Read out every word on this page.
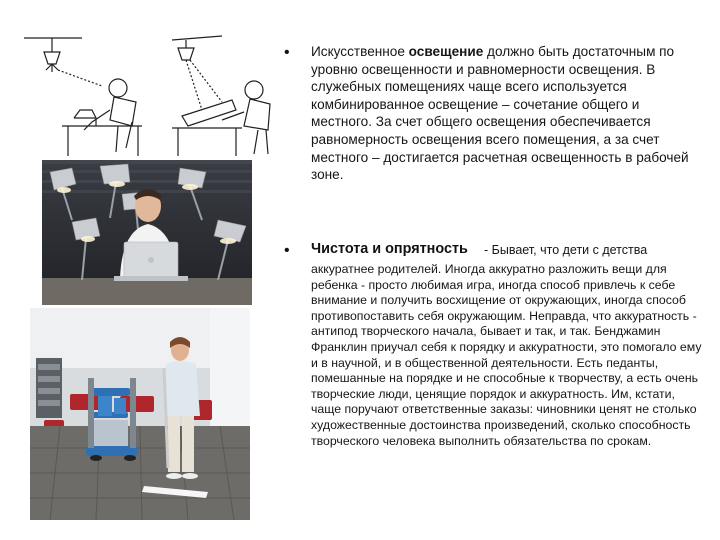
• Искусственное освещение должно быть достаточным по уровню освещенности и равномерности освещения. В служебных помещениях чаще всего используется комбинированное освещение – сочетание общего и местного. За счет общего освещения обеспечивается равномерность освещения всего помещения, а за счет местного – достигается расчетная освещенность в рабочей зоне.
• Чистота и опрятность - Бывает, что дети с детства
аккуратнее родителей. Иногда аккуратно разложить вещи для ребенка - просто любимая игра, иногда способ привлечь к себе внимание и получить восхищение от окружающих, иногда способ противопоставить себя окружающим. Неправда, что аккуратность - антипод творческого начала, бывает и так, и так. Бенджамин Франклин приучал себя к порядку и аккуратности, это помогало ему и в научной, и в общественной деятельности. Есть педанты, помешанные на порядке и не способные к творчеству, а есть очень творческие люди, ценящие порядок и аккуратность. Им, кстати, чаще поручают ответственные заказы: чиновники ценят не столько художественные достоинства произведений, сколько способность творческого человека выполнить обязательства по срокам.
